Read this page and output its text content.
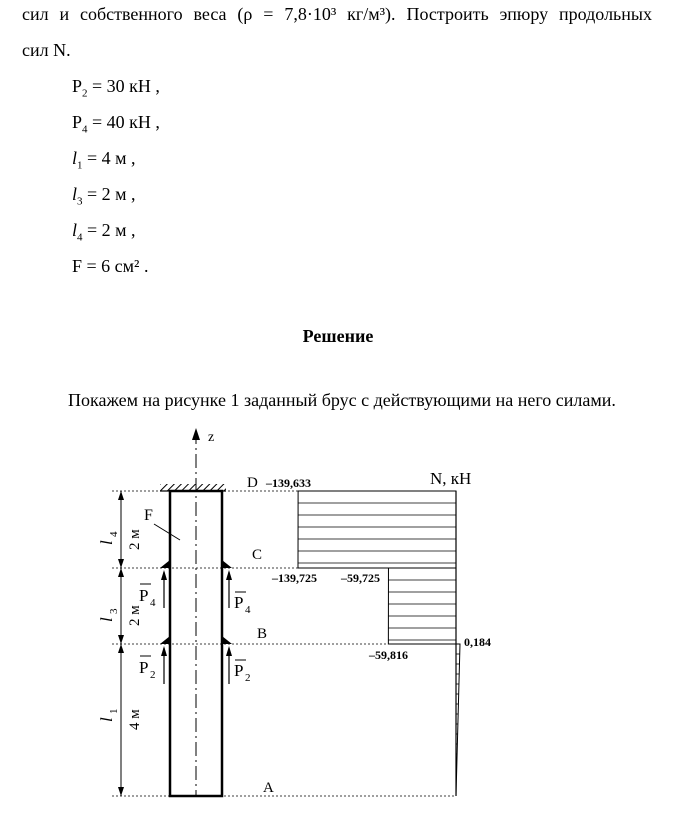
сил и собственного веса (ρ = 7,8·10³ кг/м³). Построить эпюру продольных
сил N.
$P_2 = 30$ кН ,
$P_4 = 40$ кН ,
$l_1 = 4$ м ,
$l_3 = 2$ м ,
$l_4 = 2$ м ,
F = 6 см² .
Решение
Покажем на рисунке 1 заданный брус с действующими на него силами.
z
l
4 2 м
l
3 2 м
l
1 4 м
F
P 4	P 4
P 2	P 2
D
C
B
A
N, кН
–139,633
–139,725 –59,725
–59,816
0,184
